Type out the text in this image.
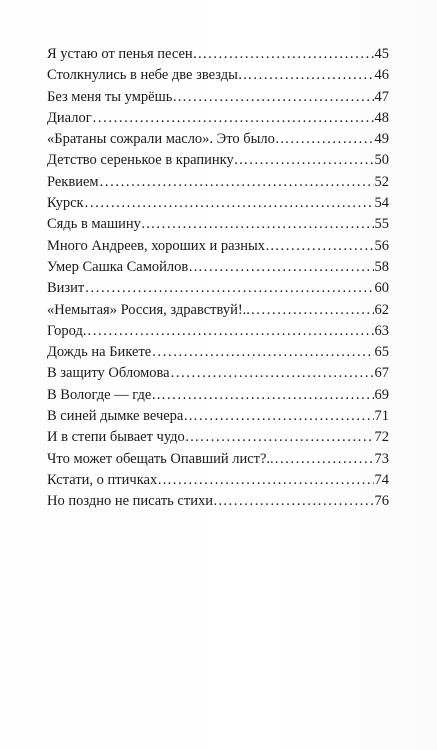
Я устаю от пенья песен… . . .	45
Столкнулись в небе две звезды… . . .	46
Без меня ты умрёшь… . . .	47
Диалог . . .	48
«Братаны сожрали масло». Это было… . . .	49
Детство серенькое в крапинку… . . .	50
Реквием . . .	52
Курск . . .	54
Сядь в машину… . . .	55
Много Андреев, хороших и разных… . . .	56
Умер Сашка Самойлов… . . .	58
Визит . . .	60
«Немытая» Россия, здравствуй!.. . . .	62
Город. . . .	63
Дождь на Бикете . . .	65
В защиту Обломова . . .	67
В Вологде — где… . . .	69
В синей дымке вечера… . . .	71
И в степи бывает чудо… . . .	72
Что может обещать Опавший лист?.. . . .	73
Кстати, о птичках… . . .	74
Но поздно не писать стихи… . . .	76
